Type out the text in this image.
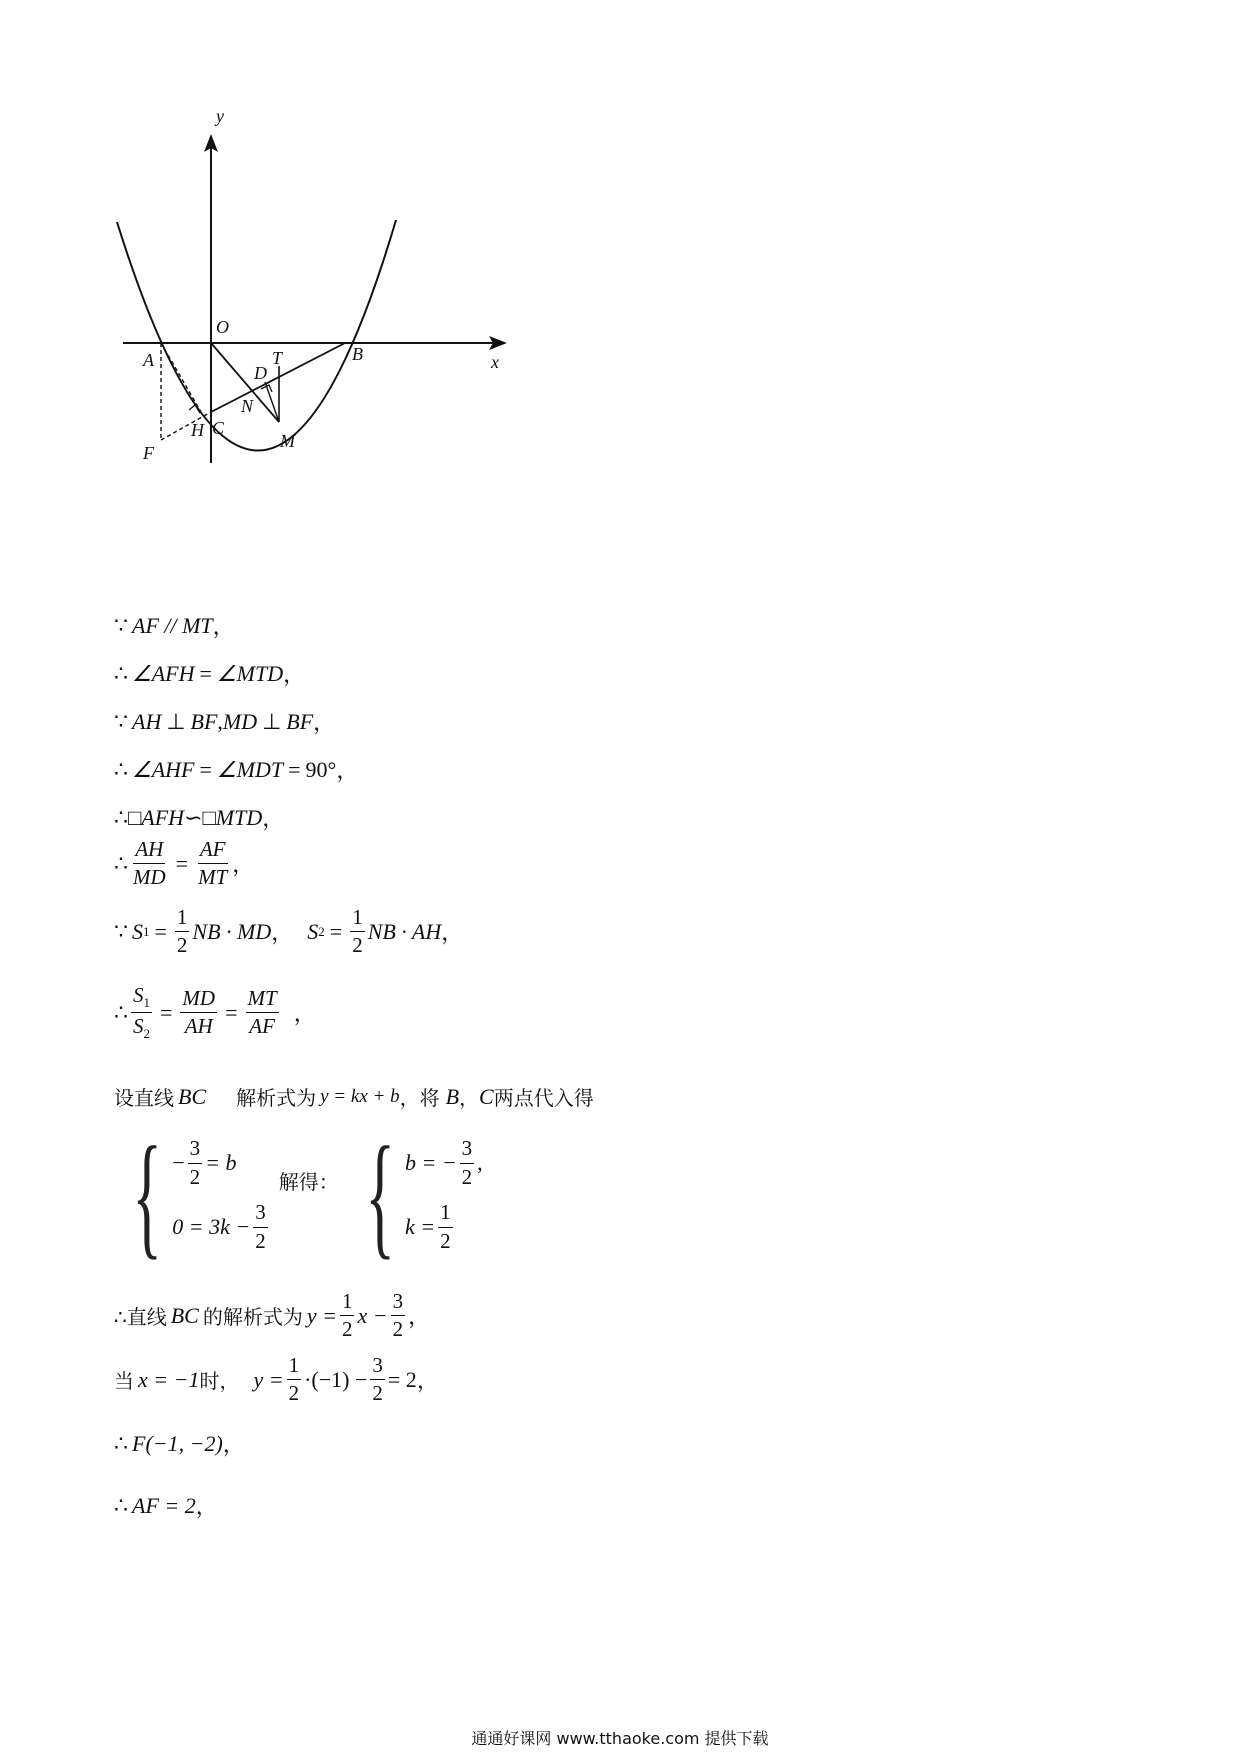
y
x
O
A	B
T
D
N
H C
M
F
∵ AF // MT ，
∴ ∠AFH = ∠MTD ，
∵ AH ⊥ BF , MD ⊥ BF ，
∴ ∠AHF = ∠MDT = 90° ，
∴ □ AFH ∽ □ MTD ，
∴ $\frac{AH}{MD} = \frac{AF}{MT}$ ，
∵ S $1 = \frac{1}{2}$ NB · MD ， S $2 = \frac{1}{2}$ NB · AH ，
∴ $\frac{S_1}{S_2} = \frac{MD}{AH} = \frac{MT}{AF}$ ，
设直线 BC 解析式为 y = kx + b ，将 B ， C 两点代入得
{ − $\frac{3}{2} = b$
$0 = 3k - \frac{3}{2}$
解得： { b = − $\frac{3}{2}$ ,
$k = \frac{1}{2}$
∴直线 BC 的解析式为 $y = \frac{1}{2}$ $x - \frac{3}{2}$ ，
当 x = −1 时， $y = \frac{1}{2} \cdot(-1) - \frac{3}{2} = 2$ ，
∴ F(−1, −2) ，
∴ AF = 2 ，
通通好课网 www.tthaoke.com 提供下载
